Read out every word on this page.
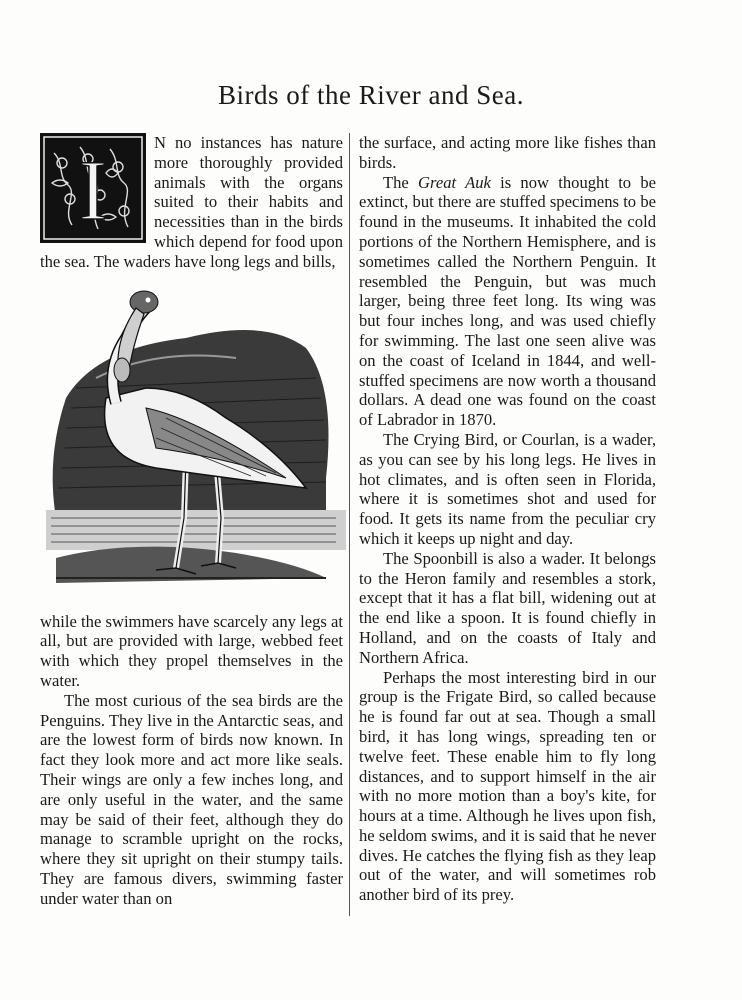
Birds of the River and Sea.

I	N no instances has nature more thoroughly provided animals with the organs suited to their habits and necessities than in the birds which depend for food upon the sea. The waders have long legs and bills,

while the swimmers have scarcely any legs at all, but are provided with large, webbed feet with which they propel themselves in the water.

The most curious of the sea birds are the Penguins. They live in the Antarctic seas, and are the lowest form of birds now known. In fact they look more and act more like seals. Their wings are only a few inches long, and are only useful in the water, and the same may be said of their feet, although they do manage to scramble upright on the rocks, where they sit upright on their stumpy tails. They are famous divers, swimming faster under water than on

the surface, and acting more like fishes than birds.

The Great Auk is now thought to be extinct, but there are stuffed specimens to be found in the museums. It inhabited the cold portions of the Northern Hemisphere, and is sometimes called the Northern Penguin. It resembled the Penguin, but was much larger, being three feet long. Its wing was but four inches long, and was used chiefly for swimming. The last one seen alive was on the coast of Iceland in 1844, and well-stuffed specimens are now worth a thousand dollars. A dead one was found on the coast of Labrador in 1870.

The Crying Bird, or Courlan, is a wader, as you can see by his long legs. He lives in hot climates, and is often seen in Florida, where it is sometimes shot and used for food. It gets its name from the peculiar cry which it keeps up night and day.

The Spoonbill is also a wader. It belongs to the Heron family and resembles a stork, except that it has a flat bill, widening out at the end like a spoon. It is found chiefly in Holland, and on the coasts of Italy and Northern Africa.

Perhaps the most interesting bird in our group is the Frigate Bird, so called because he is found far out at sea. Though a small bird, it has long wings, spreading ten or twelve feet. These enable him to fly long distances, and to support himself in the air with no more motion than a boy's kite, for hours at a time. Although he lives upon fish, he seldom swims, and it is said that he never dives. He catches the flying fish as they leap out of the water, and will sometimes rob another bird of its prey.
